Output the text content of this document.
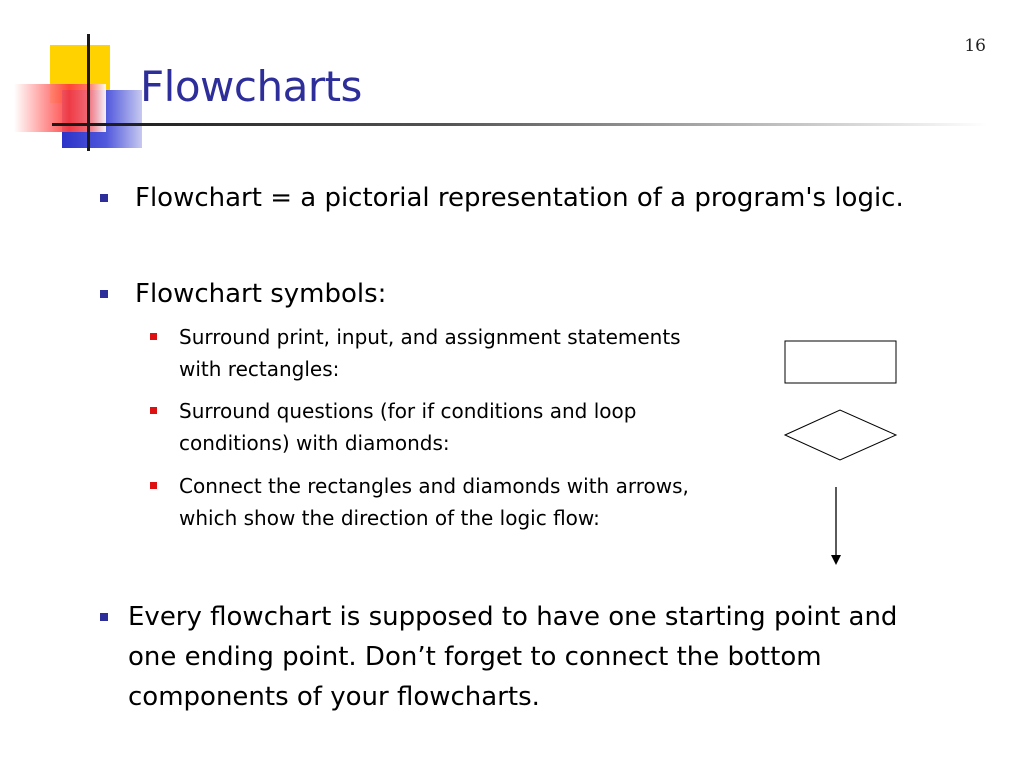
16
Flowcharts
Flowchart = a pictorial representation of a program's logic.
Flowchart symbols:
Surround print, input, and assignment statements with rectangles:
Surround questions (for if conditions and loop conditions) with diamonds:
Connect the rectangles and diamonds with arrows, which show the direction of the logic flow:
Every flowchart is supposed to have one starting point and one ending point. Don’t forget to connect the bottom components of your flowcharts.
